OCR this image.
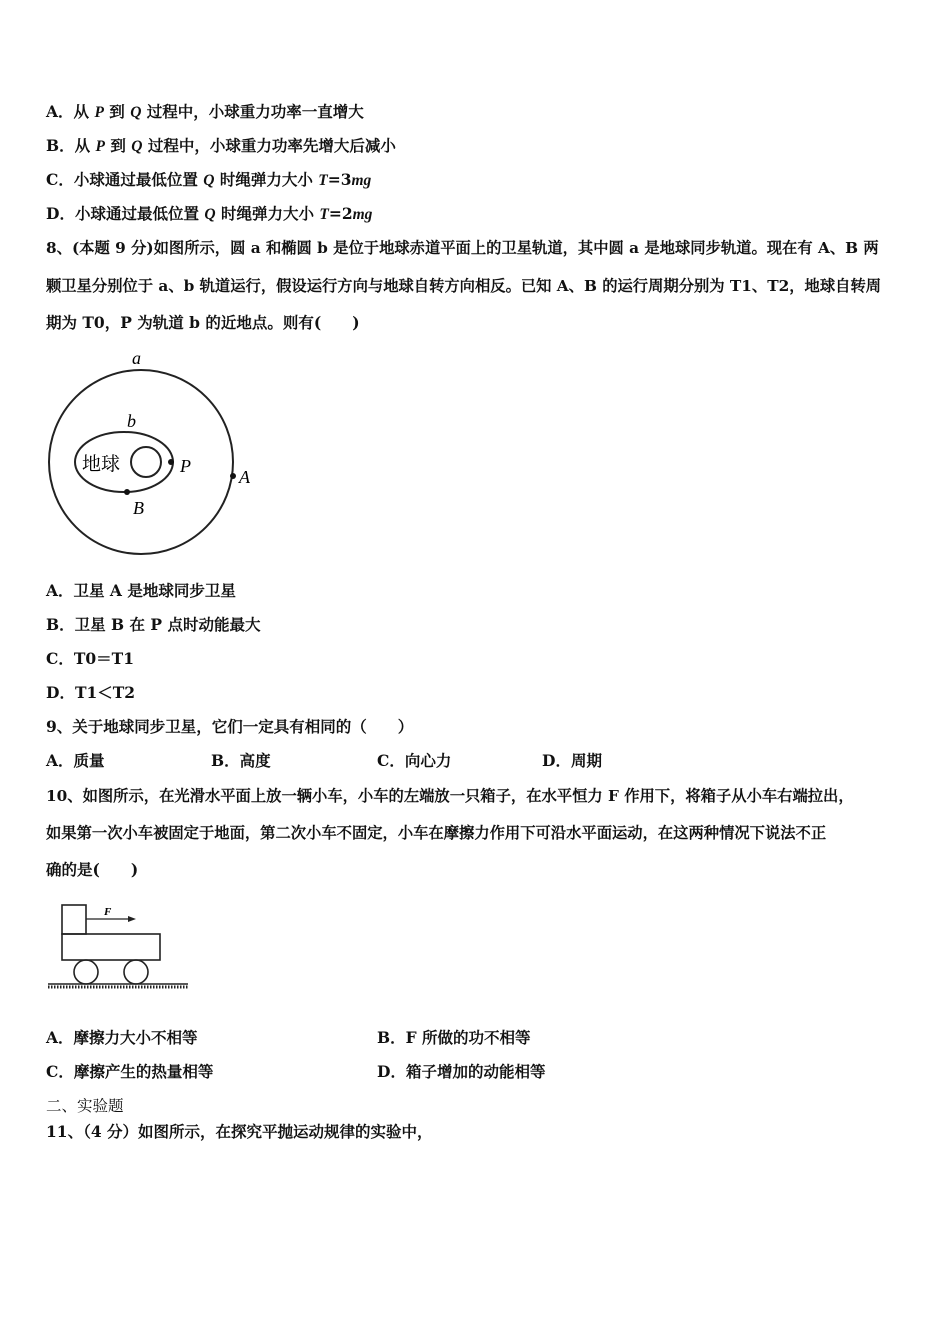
A．从 P 到 Q 过程中，小球重力功率一直增大
B．从 P 到 Q 过程中，小球重力功率先增大后减小
C．小球通过最低位置 Q 时绳弹力大小 T=3mg
D．小球通过最低位置 Q 时绳弹力大小 T=2mg
8、(本题 9 分)如图所示，圆 a 和椭圆 b 是位于地球赤道平面上的卫星轨道，其中圆 a 是地球同步轨道。现在有 A、B 两
颗卫星分别位于 a、b 轨道运行，假设运行方向与地球自转方向相反。已知 A、B 的运行周期分别为 T1、T2，地球自转周
期为 T0，P 为轨道 b 的近地点。则有(　　)
a
b
地球	P
A
B
A．卫星 A 是地球同步卫星
B．卫星 B 在 P 点时动能最大
C．T0＝T1
D．T1＜T2
9、关于地球同步卫星，它们一定具有相同的（　　）
A．质量	B．高度	C．向心力	D．周期
10、如图所示，在光滑水平面上放一辆小车，小车的左端放一只箱子，在水平恒力 F 作用下，将箱子从小车右端拉出，
如果第一次小车被固定于地面，第二次小车不固定，小车在摩擦力作用下可沿水平面运动，在这两种情况下说法不正
确的是(　　)
F
A．摩擦力大小不相等	B．F 所做的功不相等
C．摩擦产生的热量相等	D．箱子增加的动能相等
二、实验题
11、（4 分）如图所示，在探究平抛运动规律的实验中，
